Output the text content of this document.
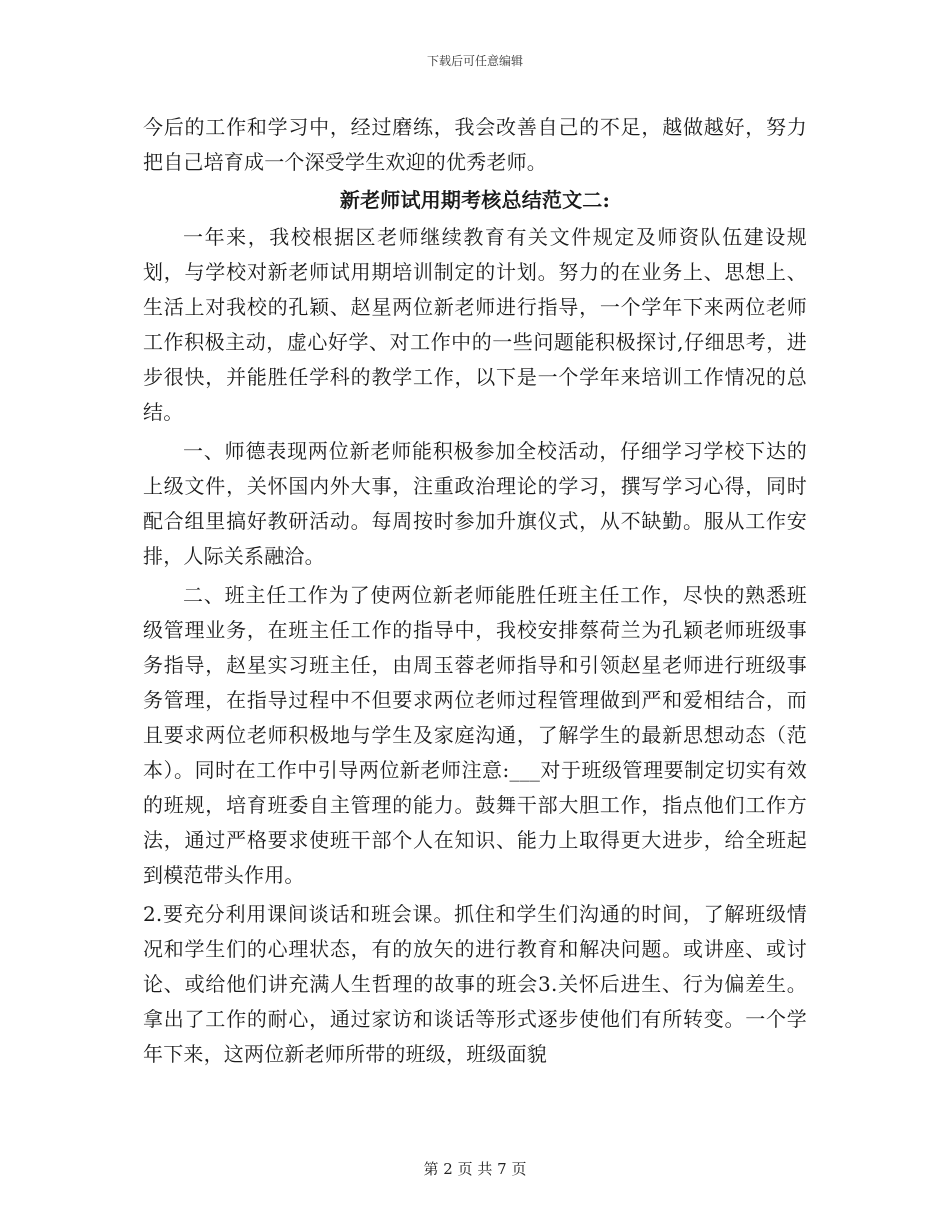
下载后可任意编辑

今后的工作和学习中，经过磨练，我会改善自己的不足，越做越好，努力把自己培育成一个深受学生欢迎的优秀老师。

新老师试用期考核总结范文二:

一年来，我校根据区老师继续教育有关文件规定及师资队伍建设规划，与学校对新老师试用期培训制定的计划。努力的在业务上、思想上、生活上对我校的孔颖、赵星两位新老师进行指导，一个学年下来两位老师工作积极主动，虚心好学、对工作中的一些问题能积极探讨,仔细思考，进步很快，并能胜任学科的教学工作，以下是一个学年来培训工作情况的总结。

一、师德表现两位新老师能积极参加全校活动，仔细学习学校下达的上级文件，关怀国内外大事，注重政治理论的学习，撰写学习心得，同时配合组里搞好教研活动。每周按时参加升旗仪式，从不缺勤。服从工作安排，人际关系融洽。

二、班主任工作为了使两位新老师能胜任班主任工作，尽快的熟悉班级管理业务，在班主任工作的指导中，我校安排蔡荷兰为孔颖老师班级事务指导，赵星实习班主任，由周玉蓉老师指导和引领赵星老师进行班级事务管理，在指导过程中不但要求两位老师过程管理做到严和爱相结合，而且要求两位老师积极地与学生及家庭沟通，了解学生的最新思想动态（范本）。同时在工作中引导两位新老师注意:___对于班级管理要制定切实有效的班规，培育班委自主管理的能力。鼓舞干部大胆工作，指点他们工作方法，通过严格要求使班干部个人在知识、能力上取得更大进步，给全班起到模范带头作用。

2.要充分利用课间谈话和班会课。抓住和学生们沟通的时间，了解班级情况和学生们的心理状态，有的放矢的进行教育和解决问题。或讲座、或讨论、或给他们讲充满人生哲理的故事的班会3.关怀后进生、行为偏差生。拿出了工作的耐心，通过家访和谈话等形式逐步使他们有所转变。一个学年下来，这两位新老师所带的班级，班级面貌

第 2 页 共 7 页
